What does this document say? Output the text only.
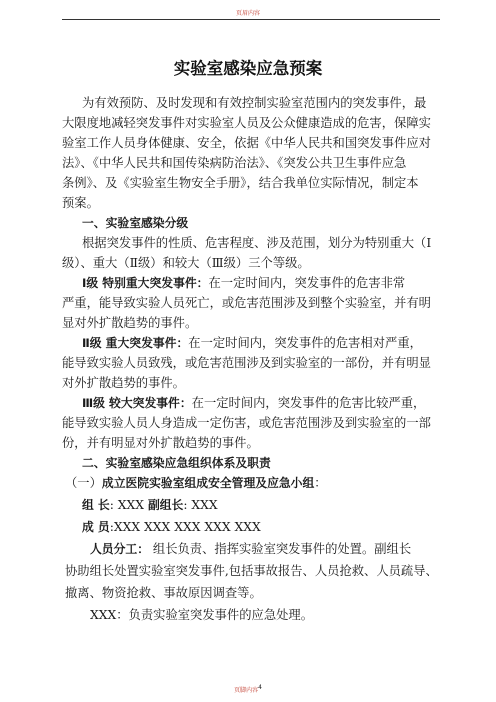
页眉内容
实验室感染应急预案
为有效预防、及时发现和有效控制实验室范围内的突发事件，最
大限度地减轻突发事件对实验室人员及公众健康造成的危害，保障实
验室工作人员身体健康、安全，依据《中华人民共和国突发事件应对
法》、《中华人民共和国传染病防治法》、《突发公共卫生事件应急
条例》、及《实验室生物安全手册》，结合我单位实际情况，制定本
预案。
一、实验室感染分级
根据突发事件的性质、危害程度、涉及范围，划分为特别重大（Ⅰ
级）、重大（Ⅱ级）和较大（Ⅲ级）三个等级。
Ⅰ级 特别重大突发事件：在一定时间内，突发事件的危害非常
严重，能导致实验人员死亡，或危害范围涉及到整个实验室，并有明
显对外扩散趋势的事件。
Ⅱ级 重大突发事件：在一定时间内，突发事件的危害相对严重，
能导致实验人员致残，或危害范围涉及到实验室的一部份，并有明显
对外扩散趋势的事件。
Ⅲ级 较大突发事件：在一定时间内，突发事件的危害比较严重，
能导致实验人员人身造成一定伤害，或危害范围涉及到实验室的一部
份，并有明显对外扩散趋势的事件。
二、实验室感染应急组织体系及职责
（一）成立医院实验室组成安全管理及应急小组：
组 长: XXX 副组长: XXX
成 员:XXX XXX XXX XXX XXX
人员分工： 组长负责、指挥实验室突发事件的处置。副组长
协助组长处置实验室突发事件,包括事故报告、人员抢救、人员疏导、
撤离、物资抢救、事故原因调查等。
XXX：负责实验室突发事件的应急处理。
页脚内容$^4$
